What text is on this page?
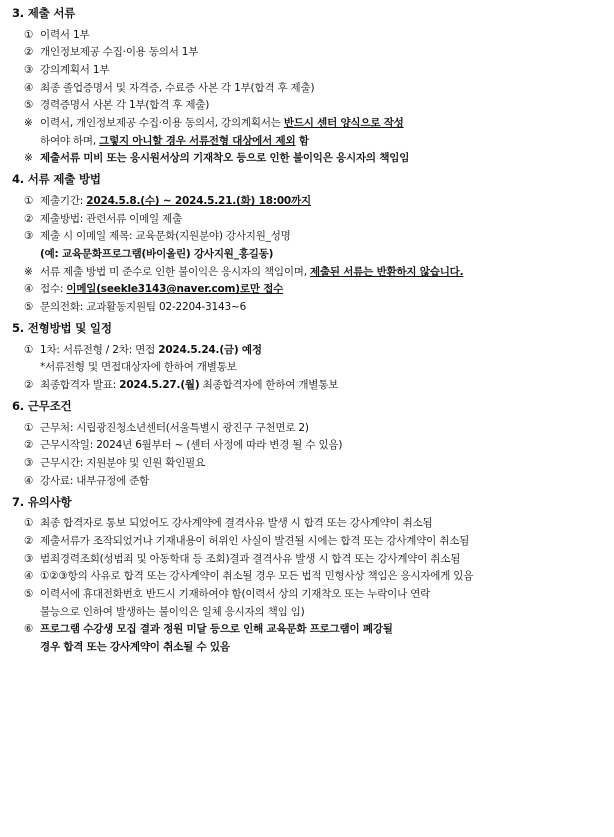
3. 제출 서류
① 이력서 1부
② 개인정보제공 수집·이용 동의서 1부
③ 강의계획서 1부
④ 최종 졸업증명서 및 자격증, 수료증 사본 각 1부(합격 후 제출)
⑤ 경력증명서 사본 각 1부(합격 후 제출)
※ 이력서, 개인정보제공 수집·이용 동의서, 강의계획서는 반드시 센터 양식으로 작성
하여야 하며, 그렇지 아니할 경우 서류전형 대상에서 제외 함
※ 제출서류 미비 또는 응시원서상의 기재착오 등으로 인한 불이익은 응시자의 책임임
4. 서류 제출 방법
① 제출기간: 2024.5.8.(수) ~ 2024.5.21.(화) 18:00까지
② 제출방법: 관련서류 이메일 제출
③ 제출 시 이메일 제목: 교육문화(지원분야) 강사지원_성명
(예: 교육문화프로그램(바이올린) 강사지원_홍길동)
※ 서류 제출 방법 미 준수로 인한 불이익은 응시자의 책임이며, 제출된 서류는 반환하지 않습니다.
④ 접수: 이메일(seekle3143@naver.com)로만 접수
⑤ 문의전화: 교과활동지원팀 02-2204-3143~6
5. 전형방법 및 일정
① 1차: 서류전형 / 2차: 면접 2024.5.24.(금) 예정
*서류전형 및 면접대상자에 한하여 개별통보
② 최종합격자 발표: 2024.5.27.(월) 최종합격자에 한하여 개별통보
6. 근무조건
① 근무처: 시립광진청소년센터(서울특별시 광진구 구천면로 2)
② 근무시작일: 2024년 6월부터 ~ (센터 사정에 따라 변경 될 수 있음)
③ 근무시간: 지원분야 및 인원 확인필요
④ 강사료: 내부규정에 준함
7. 유의사항
① 최종 합격자로 통보 되었어도 강사계약에 결격사유 발생 시 합격 또는 강사계약이 취소됨
② 제출서류가 조작되었거나 기재내용이 허위인 사실이 발견될 시에는 합격 또는 강사계약이 취소됨
③ 범죄경력조회(성범죄 및 아동학대 등 조회)결과 결격사유 발생 시 합격 또는 강사계약이 취소됨
④ ①②③항의 사유로 합격 또는 강사계약이 취소될 경우 모든 법적 민형사상 책임은 응시자에게 있음
⑤ 이력서에 휴대전화번호 반드시 기재하여야 함(이력서 상의 기재착오 또는 누락이나 연락
불능으로 인하여 발생하는 불이익은 일체 응시자의 책임 임)
⑥ 프로그램 수강생 모집 결과 정원 미달 등으로 인해 교육문화 프로그램이 폐강될
경우 합격 또는 강사계약이 취소될 수 있음
